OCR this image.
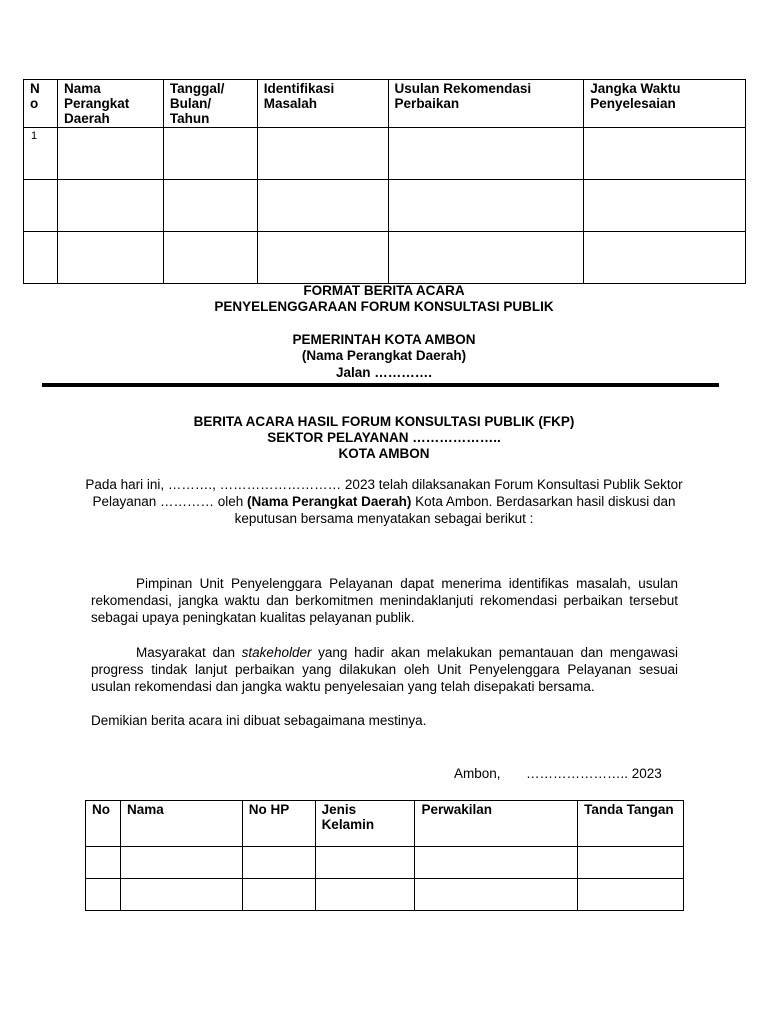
N o	Nama Perangkat Daerah	Tanggal/ Bulan/ Tahun	Identifikasi Masalah	Usulan Rekomendasi Perbaikan	Jangka Waktu Penyelesaian
1					

FORMAT BERITA ACARA
PENYELENGGARAAN FORUM KONSULTASI PUBLIK
PEMERINTAH KOTA AMBON
(Nama Perangkat Daerah)
Jalan ………….
BERITA ACARA HASIL FORUM KONSULTASI PUBLIK (FKP)
SEKTOR PELAYANAN ………………..
KOTA AMBON
Pada hari ini, ………., ……………………… 2023 telah dilaksanakan Forum Konsultasi Publik Sektor Pelayanan ………… oleh (Nama Perangkat Daerah) Kota Ambon. Berdasarkan hasil diskusi dan keputusan bersama menyatakan sebagai berikut :
Pimpinan Unit Penyelenggara Pelayanan dapat menerima identifikas masalah, usulan rekomendasi, jangka waktu dan berkomitmen menindaklanjuti rekomendasi perbaikan tersebut sebagai upaya peningkatan kualitas pelayanan publik.
Masyarakat dan stakeholder yang hadir akan melakukan pemantauan dan mengawasi progress tindak lanjut perbaikan yang dilakukan oleh Unit Penyelenggara Pelayanan sesuai usulan rekomendasi dan jangka waktu penyelesaian yang telah disepakati bersama.
Demikian berita acara ini dibuat sebagaimana mestinya.
Ambon, ………………….. 2023
No	Nama	No HP	Jenis Kelamin	Perwakilan	Tanda Tangan
